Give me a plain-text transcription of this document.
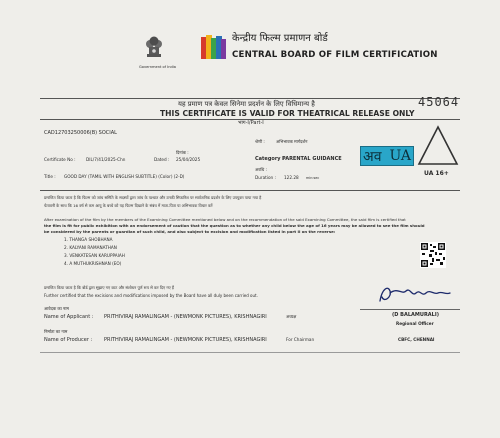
Government of India
केन्द्रीय फिल्म प्रमाणन बोर्ड
CENTRAL BOARD OF FILM CERTIFICATION
यह प्रमाण पत्र केवल सिनेमा प्रदर्शन के लिए विधिमान्य है
THIS CERTIFICATE IS VALID FOR THEATRICAL RELEASE ONLY
भाग-I/Part-I
45064
CAD12703250006(B) SOCIAL
श्रेणी :	अभिभावक मार्गदर्शन
दिनांक :
Certificate No : DIL/7/41/2025-Chn	Dated : 25/04/2025	Category :
PARENTAL GUIDANCE
अवधि :
Title : GOOD DAY (TAMIL WITH ENGLISH SUBTITLE) (Color) (2-D)	Duration : 122.28 min:sec
अव UA
UA 16+
प्रमाणित किया जाता है कि फिल्म को जांच समिति के सदस्यों द्वारा जांच के पश्चात और उनकी सिफारिश पर सार्वजनिक प्रदर्शन के लिए उपयुक्त पाया गया है
चेतावनी के साथ कि 16 वर्ष से कम आयु के बच्चे को यह फिल्म दिखाने के संबंध में माता-पिता या अभिभावक विचार करें
After examination of the film by the members of the Examining Committee mentioned below and on the recommendation of the said Examining Committee, the said film is certified that
the film is fit for public exhibition with an endorsement of caution that the question as to whether any child below the age of 16 years may be allowed to see the film should
be considered by the parents or guardian of such child, and also subject to excision and modification listed in part II on the reverse:
1. THANGA SHOBHANA
2. KALYANI RAMANATHAN
3. VENKATESAN KARUPPAIAH
4. A MUTHUKRISHNAN (EO)
प्रमाणित किया जाता है कि बोर्ड द्वारा सुझाए गए काट और संशोधन पूर्ण रूप से कर दिए गए हैं
Further certified that the excisions and modifications imposed by the Board have all duly been carried out.
आवेदक का नाम
Name of Applicant : PRITHIVIRAJ RAMALINGAM - (NEWMONK PICTURES), KRISHNAGIRI	अध्यक्ष	(D BALAMURALI)
Regional Officer
निर्माता का नाम
Name of Producer : PRITHIVIRAJ RAMALINGAM - (NEWMONK PICTURES), KRISHNAGIRI	For Chairman	CBFC, CHENNAI
